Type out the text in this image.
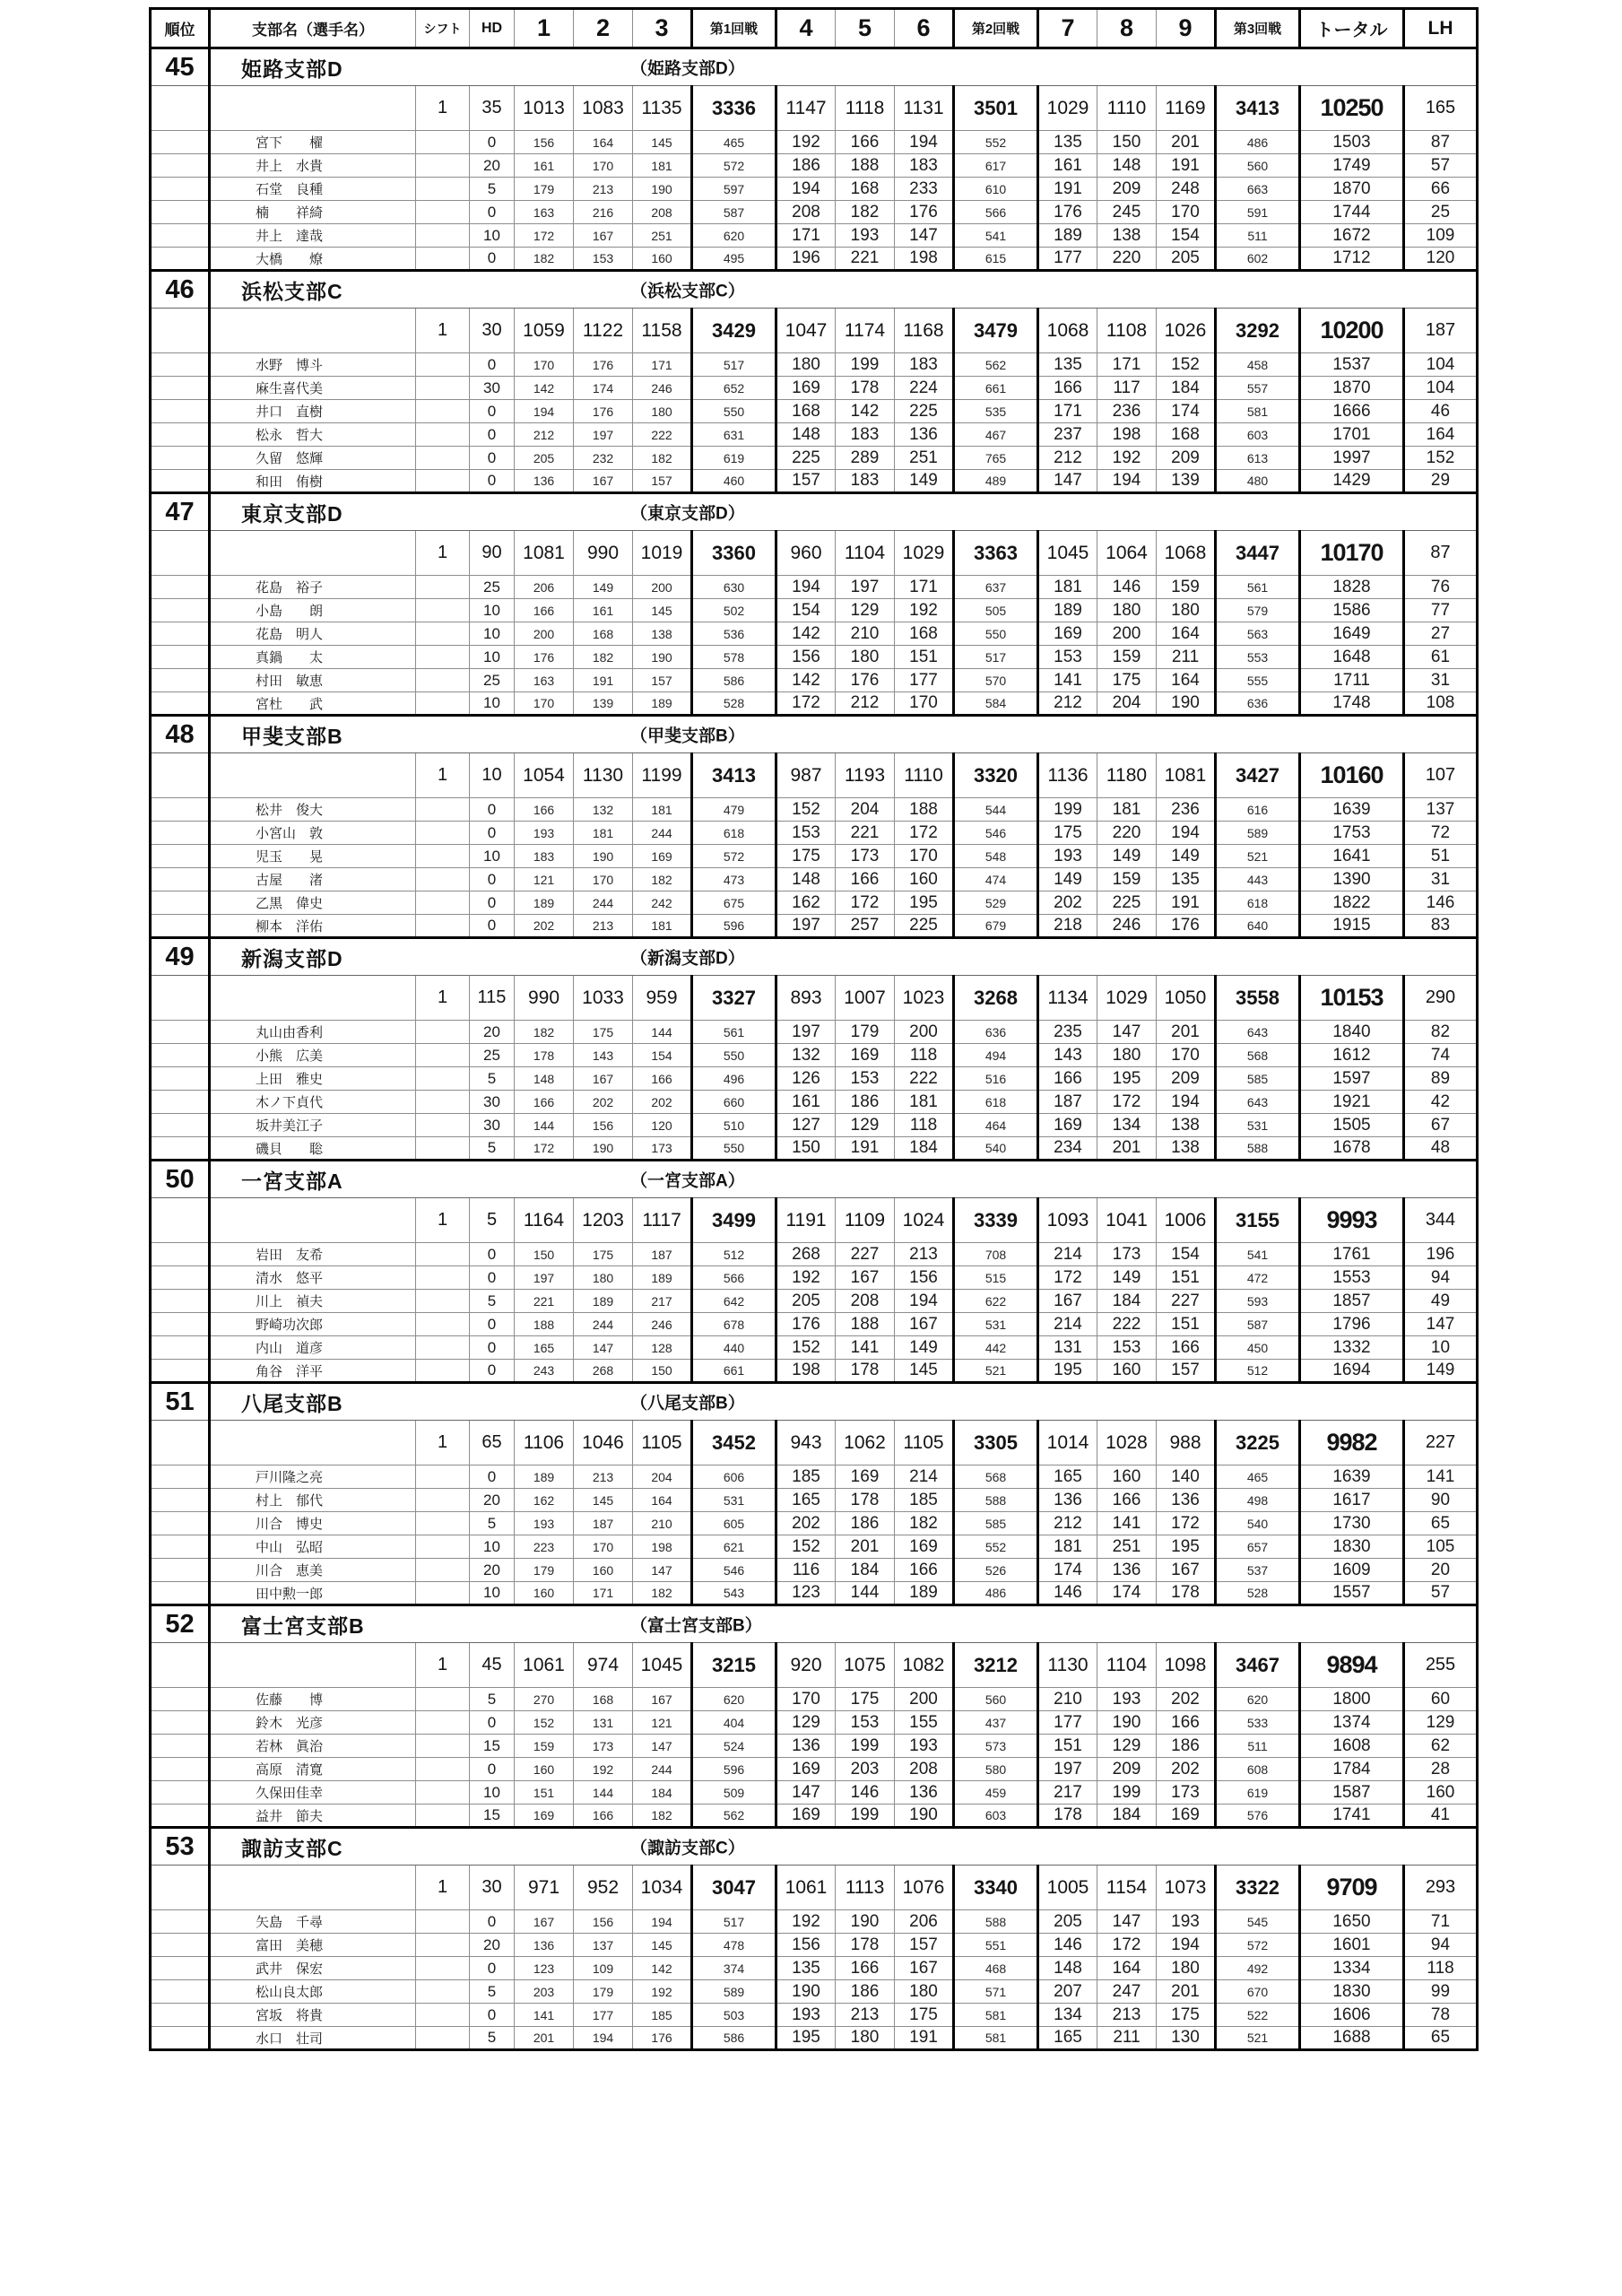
順位	支部名（選手名）	シフト	HD	1	2	3	第1回戦	4	5	6	第2回戦	7	8	9	第3回戦	トータル	LH
45	姫路支部D （姫路支部D）																

		1	35	1013	1083	1135	3336	1147	1118	1131	3501	1029	1110	1169	3413	10250	165
	宮下　　櫂		0	156	164	145	465	192	166	194	552	135	150	201	486	1503	87
	井上　水貴		20	161	170	181	572	186	188	183	617	161	148	191	560	1749	57
	石堂　良種		5	179	213	190	597	194	168	233	610	191	209	248	663	1870	66
	楠　　祥綺		0	163	216	208	587	208	182	176	566	176	245	170	591	1744	25
	井上　達哉		10	172	167	251	620	171	193	147	541	189	138	154	511	1672	109
	大橋　　燎		0	182	153	160	495	196	221	198	615	177	220	205	602	1712	120
46	浜松支部C （浜松支部C）																

		1	30	1059	1122	1158	3429	1047	1174	1168	3479	1068	1108	1026	3292	10200	187
	水野　博斗		0	170	176	171	517	180	199	183	562	135	171	152	458	1537	104
	麻生喜代美		30	142	174	246	652	169	178	224	661	166	117	184	557	1870	104
	井口　直樹		0	194	176	180	550	168	142	225	535	171	236	174	581	1666	46
	松永　哲大		0	212	197	222	631	148	183	136	467	237	198	168	603	1701	164
	久留　悠輝		0	205	232	182	619	225	289	251	765	212	192	209	613	1997	152
	和田　侑樹		0	136	167	157	460	157	183	149	489	147	194	139	480	1429	29
47	東京支部D （東京支部D）																

		1	90	1081	990	1019	3360	960	1104	1029	3363	1045	1064	1068	3447	10170	87
	花島　裕子		25	206	149	200	630	194	197	171	637	181	146	159	561	1828	76
	小島　　朗		10	166	161	145	502	154	129	192	505	189	180	180	579	1586	77
	花島　明人		10	200	168	138	536	142	210	168	550	169	200	164	563	1649	27
	真鍋　　太		10	176	182	190	578	156	180	151	517	153	159	211	553	1648	61
	村田　敏恵		25	163	191	157	586	142	176	177	570	141	175	164	555	1711	31
	宮杜　　武		10	170	139	189	528	172	212	170	584	212	204	190	636	1748	108
48	甲斐支部B （甲斐支部B）																

		1	10	1054	1130	1199	3413	987	1193	1110	3320	1136	1180	1081	3427	10160	107
	松井　俊大		0	166	132	181	479	152	204	188	544	199	181	236	616	1639	137
	小宮山　敦		0	193	181	244	618	153	221	172	546	175	220	194	589	1753	72
	児玉　　晃		10	183	190	169	572	175	173	170	548	193	149	149	521	1641	51
	古屋　　渚		0	121	170	182	473	148	166	160	474	149	159	135	443	1390	31
	乙黒　偉史		0	189	244	242	675	162	172	195	529	202	225	191	618	1822	146
	柳本　洋佑		0	202	213	181	596	197	257	225	679	218	246	176	640	1915	83
49	新潟支部D （新潟支部D）																

		1	115	990	1033	959	3327	893	1007	1023	3268	1134	1029	1050	3558	10153	290
	丸山由香利		20	182	175	144	561	197	179	200	636	235	147	201	643	1840	82
	小熊　広美		25	178	143	154	550	132	169	118	494	143	180	170	568	1612	74
	上田　雅史		5	148	167	166	496	126	153	222	516	166	195	209	585	1597	89
	木ノ下貞代		30	166	202	202	660	161	186	181	618	187	172	194	643	1921	42
	坂井美江子		30	144	156	120	510	127	129	118	464	169	134	138	531	1505	67
	磯貝　　聡		5	172	190	173	550	150	191	184	540	234	201	138	588	1678	48
50	一宮支部A （一宮支部A）																

		1	5	1164	1203	1117	3499	1191	1109	1024	3339	1093	1041	1006	3155	9993	344
	岩田　友希		0	150	175	187	512	268	227	213	708	214	173	154	541	1761	196
	清水　悠平		0	197	180	189	566	192	167	156	515	172	149	151	472	1553	94
	川上　禎夫		5	221	189	217	642	205	208	194	622	167	184	227	593	1857	49
	野崎功次郎		0	188	244	246	678	176	188	167	531	214	222	151	587	1796	147
	内山　道彦		0	165	147	128	440	152	141	149	442	131	153	166	450	1332	10
	角谷　洋平		0	243	268	150	661	198	178	145	521	195	160	157	512	1694	149
51	八尾支部B （八尾支部B）																

		1	65	1106	1046	1105	3452	943	1062	1105	3305	1014	1028	988	3225	9982	227
	戸川隆之亮		0	189	213	204	606	185	169	214	568	165	160	140	465	1639	141
	村上　郁代		20	162	145	164	531	165	178	185	588	136	166	136	498	1617	90
	川合　博史		5	193	187	210	605	202	186	182	585	212	141	172	540	1730	65
	中山　弘昭		10	223	170	198	621	152	201	169	552	181	251	195	657	1830	105
	川合　恵美		20	179	160	147	546	116	184	166	526	174	136	167	537	1609	20
	田中勲一郎		10	160	171	182	543	123	144	189	486	146	174	178	528	1557	57
52	富士宮支部B （富士宮支部B）																

		1	45	1061	974	1045	3215	920	1075	1082	3212	1130	1104	1098	3467	9894	255
	佐藤　　博		5	270	168	167	620	170	175	200	560	210	193	202	620	1800	60
	鈴木　光彦		0	152	131	121	404	129	153	155	437	177	190	166	533	1374	129
	若林　眞治		15	159	173	147	524	136	199	193	573	151	129	186	511	1608	62
	高原　清寛		0	160	192	244	596	169	203	208	580	197	209	202	608	1784	28
	久保田佳幸		10	151	144	184	509	147	146	136	459	217	199	173	619	1587	160
	益井　節夫		15	169	166	182	562	169	199	190	603	178	184	169	576	1741	41
53	諏訪支部C （諏訪支部C）																

		1	30	971	952	1034	3047	1061	1113	1076	3340	1005	1154	1073	3322	9709	293
	矢島　千尋		0	167	156	194	517	192	190	206	588	205	147	193	545	1650	71
	富田　美穂		20	136	137	145	478	156	178	157	551	146	172	194	572	1601	94
	武井　保宏		0	123	109	142	374	135	166	167	468	148	164	180	492	1334	118
	松山良太郎		5	203	179	192	589	190	186	180	571	207	247	201	670	1830	99
	宮坂　将貴		0	141	177	185	503	193	213	175	581	134	213	175	522	1606	78
	水口　壮司		5	201	194	176	586	195	180	191	581	165	211	130	521	1688	65
